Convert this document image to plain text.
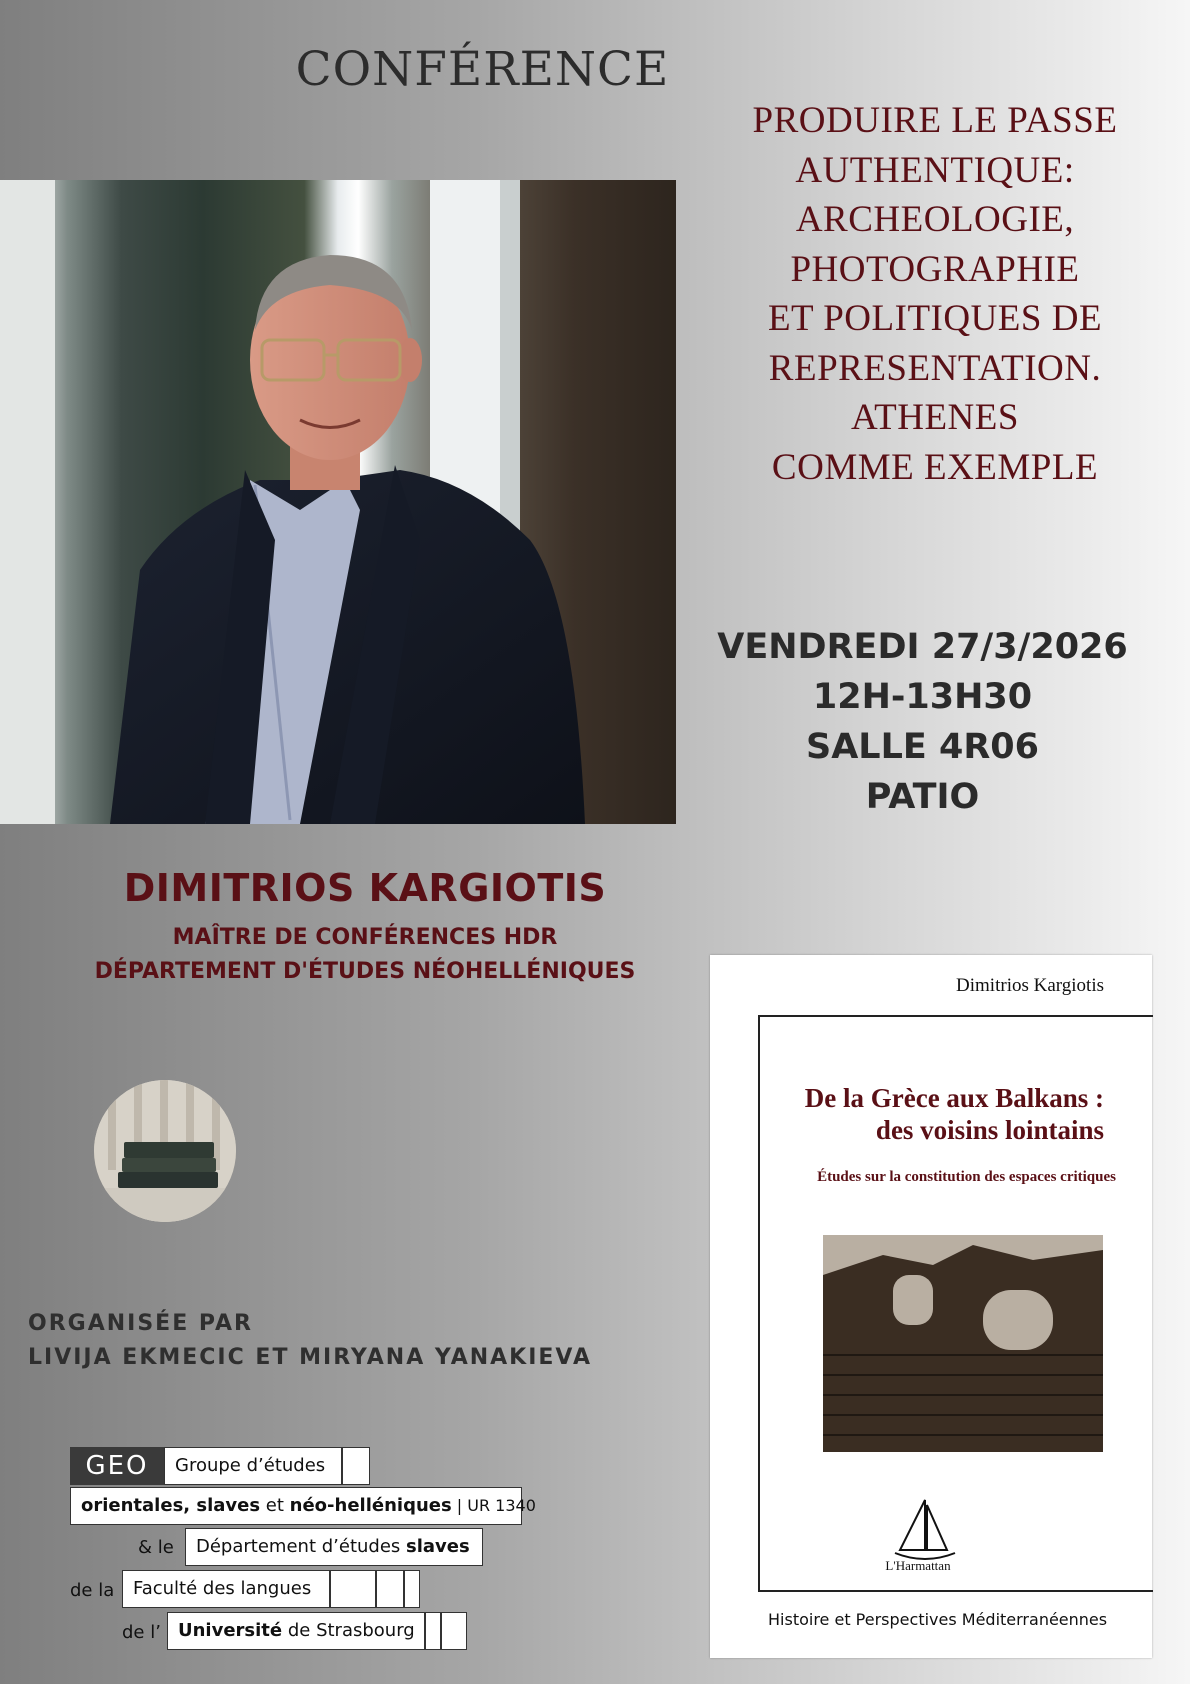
CONFÉRENCE
PRODUIRE LE PASSE
AUTHENTIQUE:
ARCHEOLOGIE,
PHOTOGRAPHIE
ET POLITIQUES DE
REPRESENTATION.
ATHENES
COMME EXEMPLE
VENDREDI 27/3/2026
12H-13H30
SALLE 4R06
PATIO
DIMITRIOS KARGIOTIS
MAÎTRE DE CONFÉRENCES HDR
DÉPARTEMENT D'ÉTUDES NÉOHELLÉNIQUES
ORGANISÉE PAR
LIVIJA EKMECIC ET MIRYANA YANAKIEVA
GEO	Groupe d’études
orientales, slaves et néo-helléniques | UR 1340
& le	Département d’études slaves
de la	Faculté des langues
de l’ Université de Strasbourg
Dimitrios Kargiotis
De la Grèce aux Balkans :
des voisins lointains
Études sur la constitution des espaces critiques
L'Harmattan
Histoire et Perspectives Méditerranéennes
